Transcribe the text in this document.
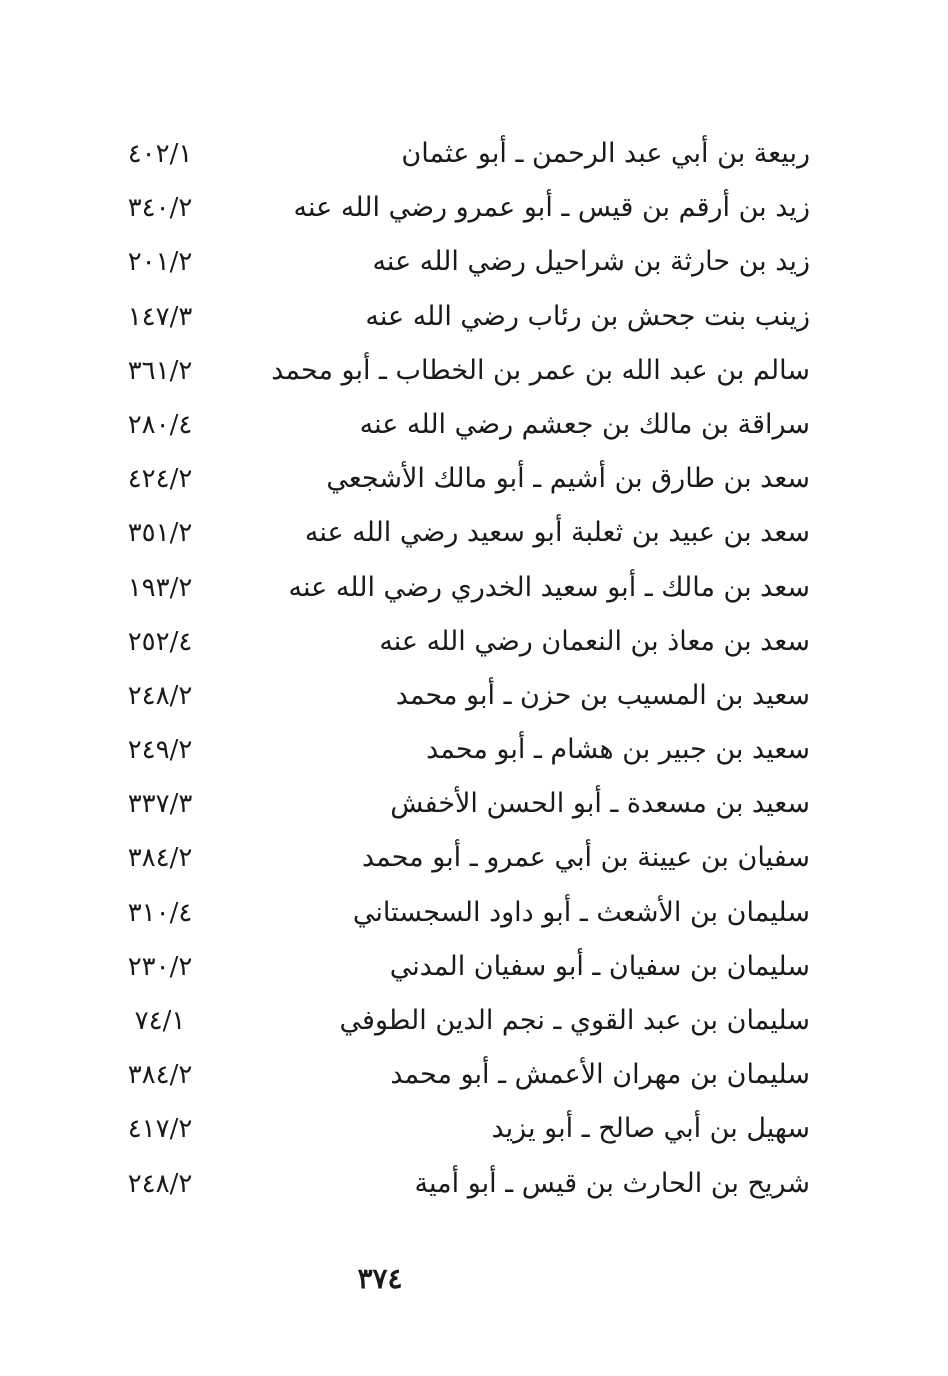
ربيعة بن أبي عبد الرحمن ـ أبو عثمان
٤٠٢/١
زيد بن أرقم بن قيس ـ أبو عمرو رضي الله عنه
٣٤٠/٢
زيد بن حارثة بن شراحيل رضي الله عنه
٢٠١/٢
زينب بنت جحش بن رئاب رضي الله عنه
١٤٧/٣
سالم بن عبد الله بن عمر بن الخطاب ـ أبو محمد
٣٦١/٢
سراقة بن مالك بن جعشم رضي الله عنه
٢٨٠/٤
سعد بن طارق بن أشيم ـ أبو مالك الأشجعي
٤٢٤/٢
سعد بن عبيد بن ثعلبة أبو سعيد رضي الله عنه
٣٥١/٢
سعد بن مالك ـ أبو سعيد الخدري رضي الله عنه
١٩٣/٢
سعد بن معاذ بن النعمان رضي الله عنه
٢٥٢/٤
سعيد بن المسيب بن حزن ـ أبو محمد
٢٤٨/٢
سعيد بن جبير بن هشام ـ أبو محمد
٢٤٩/٢
سعيد بن مسعدة ـ أبو الحسن الأخفش
٣٣٧/٣
سفيان بن عيينة بن أبي عمرو ـ أبو محمد
٣٨٤/٢
سليمان بن الأشعث ـ أبو داود السجستاني
٣١٠/٤
سليمان بن سفيان ـ أبو سفيان المدني
٢٣٠/٢
سليمان بن عبد القوي ـ نجم الدين الطوفي
٧٤/١
سليمان بن مهران الأعمش ـ أبو محمد
٣٨٤/٢
سهيل بن أبي صالح ـ أبو يزيد
٤١٧/٢
شريح بن الحارث بن قيس ـ أبو أمية
٢٤٨/٢
٣٧٤
